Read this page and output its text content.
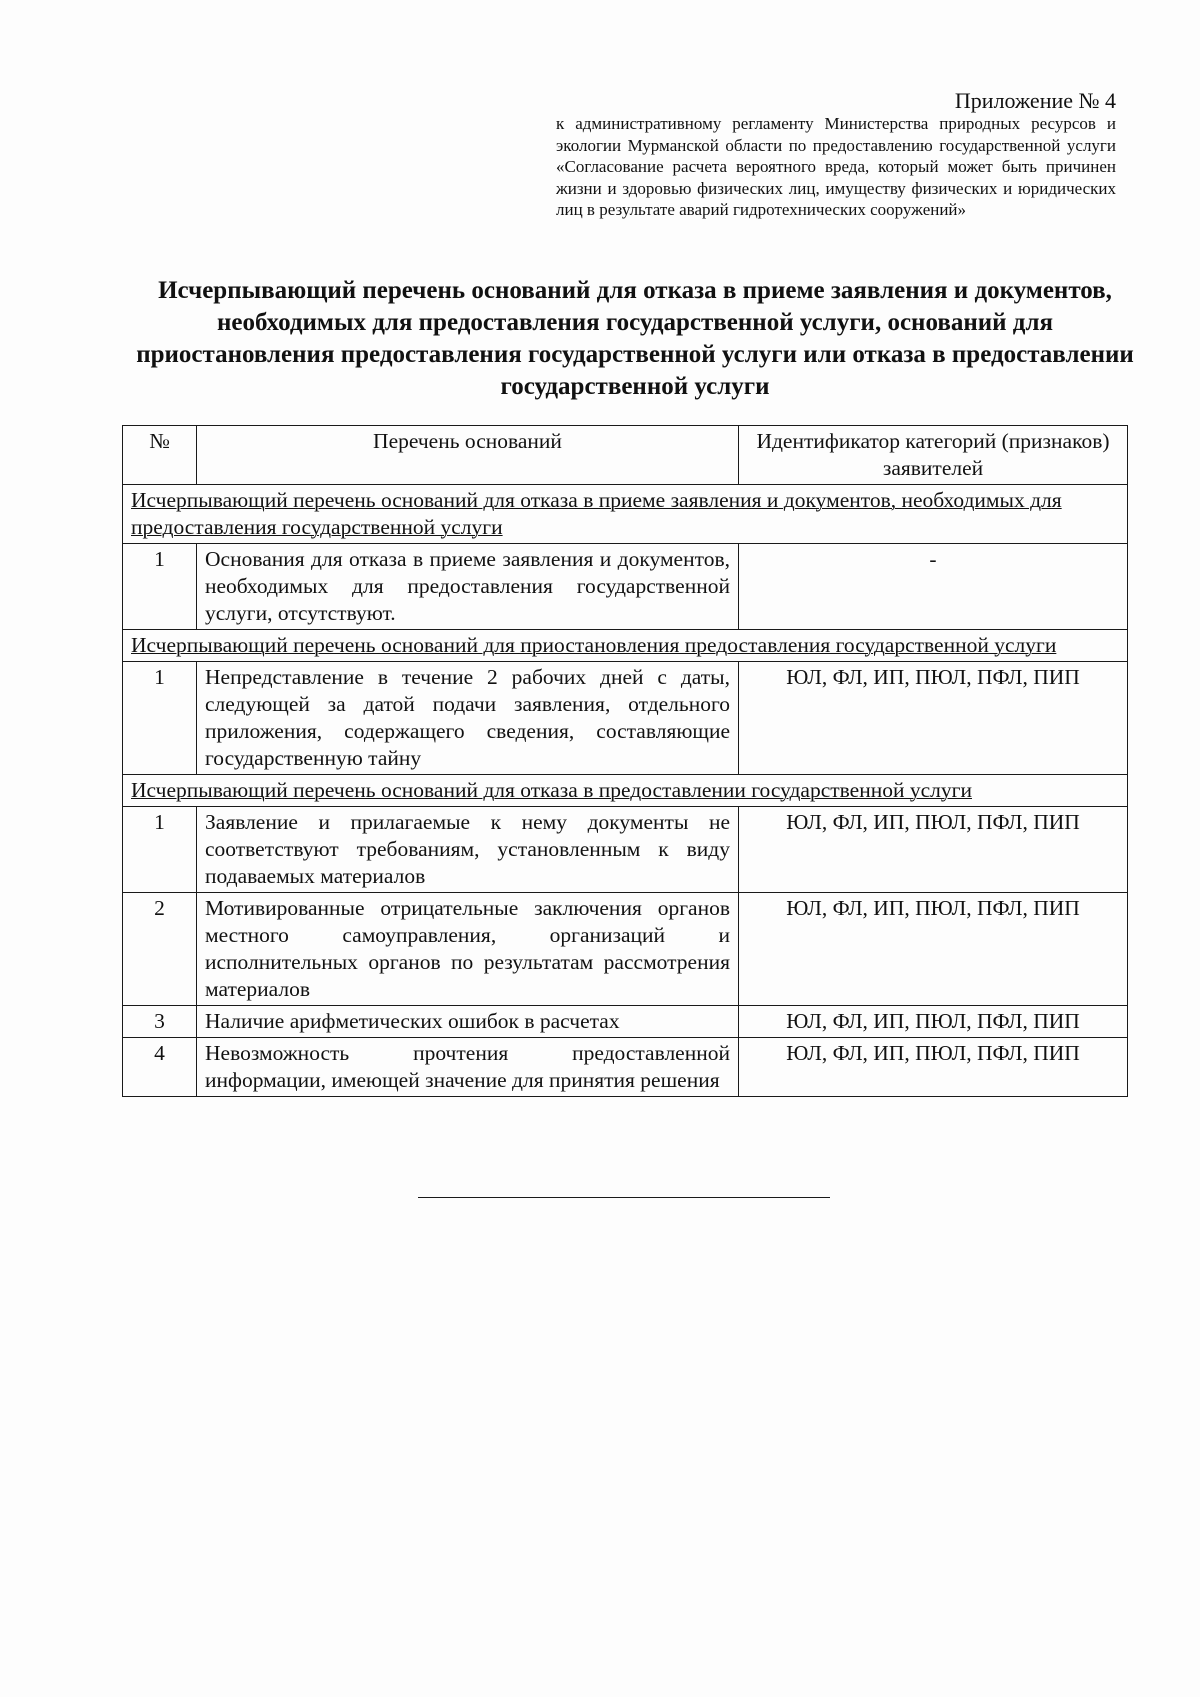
Приложение № 4
к административному регламенту Министерства природных ресурсов и экологии Мурманской области по предоставлению государственной услуги «Согласование расчета вероятного вреда, который может быть причинен жизни и здоровью физических лиц, имуществу физических и юридических лиц в результате аварий гидротехнических сооружений»
Исчерпывающий перечень оснований для отказа в приеме заявления и документов, необходимых для предоставления государственной услуги, оснований для приостановления предоставления государственной услуги или отказа в предоставлении государственной услуги
№	Перечень оснований	Идентификатор категорий (признаков) заявителей
Исчерпывающий перечень оснований для отказа в приеме заявления и документов, необходимых для предоставления государственной услуги		
1	Основания для отказа в приеме заявления и документов, необходимых для предоставления государственной услуги, отсутствуют.	-
Исчерпывающий перечень оснований для приостановления предоставления государственной услуги		
1	Непредставление в течение 2 рабочих дней с даты, следующей за датой подачи заявления, отдельного приложения, содержащего сведения, составляющие государственную тайну	ЮЛ, ФЛ, ИП, ПЮЛ, ПФЛ, ПИП
Исчерпывающий перечень оснований для отказа в предоставлении государственной услуги		
1	Заявление и прилагаемые к нему документы не соответствуют требованиям, установленным к виду подаваемых материалов	ЮЛ, ФЛ, ИП, ПЮЛ, ПФЛ, ПИП
2	Мотивированные отрицательные заключения органов местного самоуправления, организаций и исполнительных органов по результатам рассмотрения материалов	ЮЛ, ФЛ, ИП, ПЮЛ, ПФЛ, ПИП
3	Наличие арифметических ошибок в расчетах	ЮЛ, ФЛ, ИП, ПЮЛ, ПФЛ, ПИП
4	Невозможность прочтения предоставленной информации, имеющей значение для принятия решения	ЮЛ, ФЛ, ИП, ПЮЛ, ПФЛ, ПИП
